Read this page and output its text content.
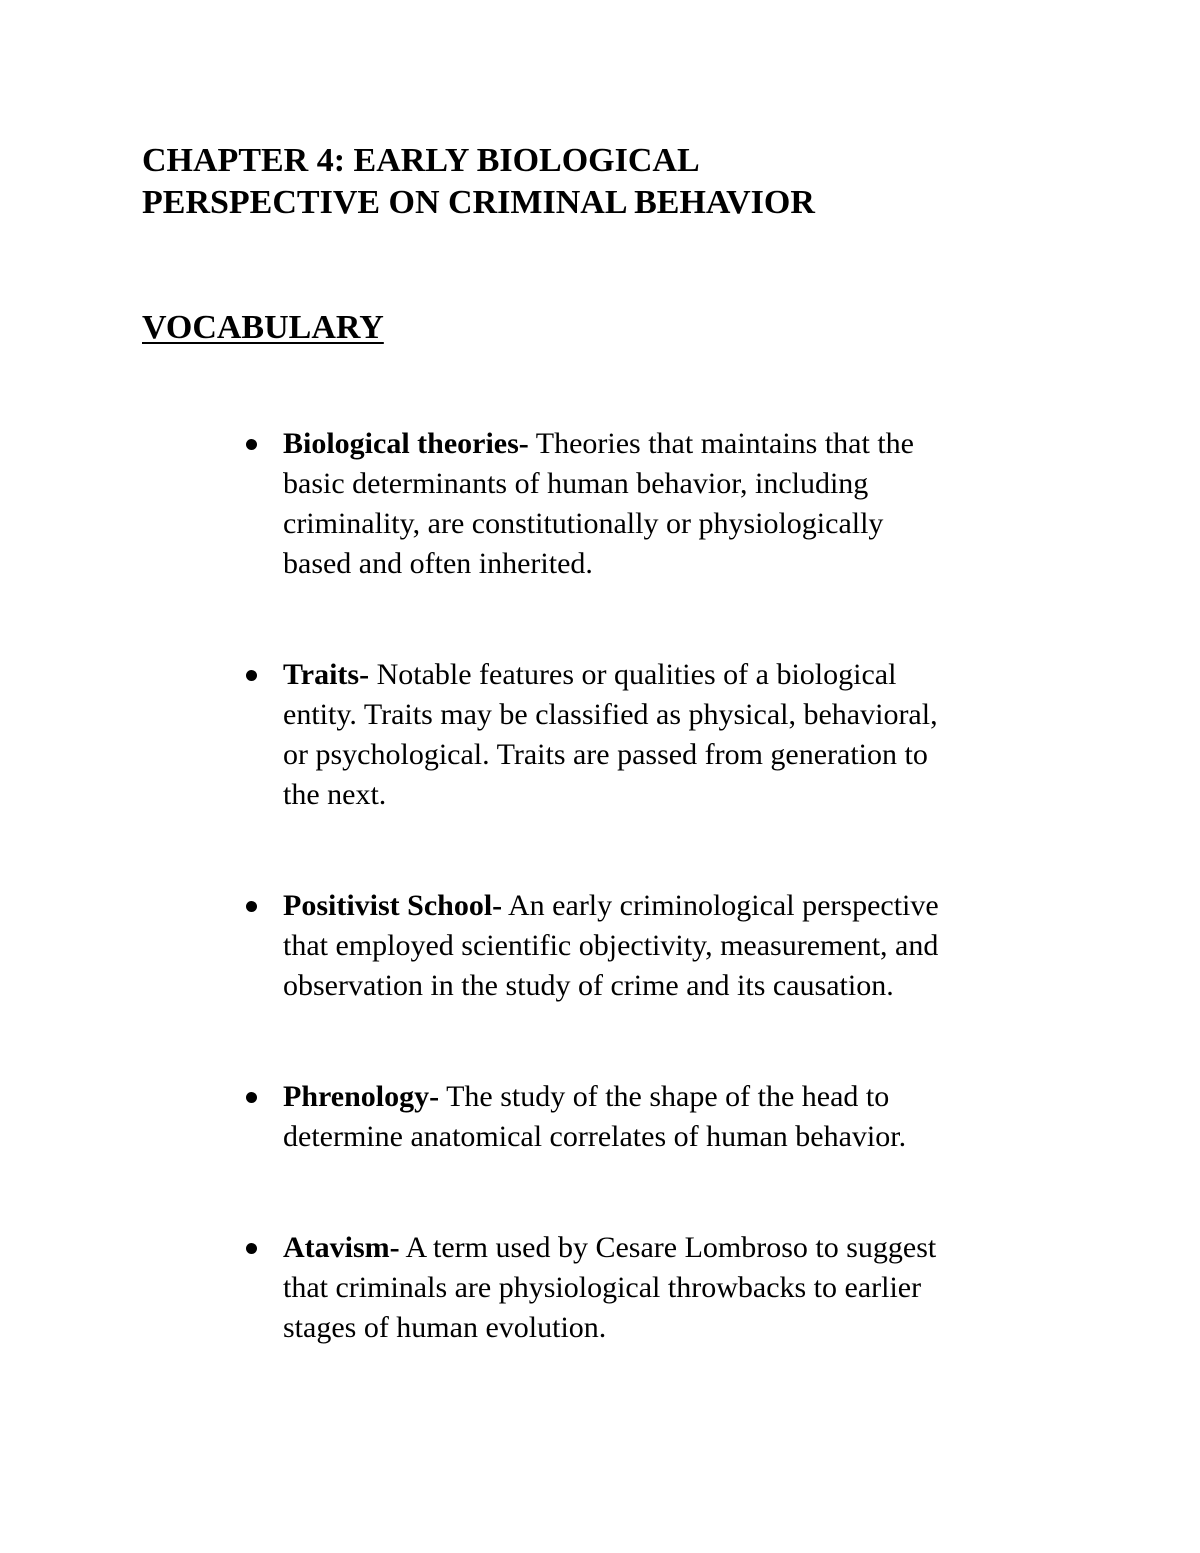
CHAPTER 4: EARLY BIOLOGICAL
PERSPECTIVE ON CRIMINAL BEHAVIOR
VOCABULARY
Biological theories- Theories that maintains that the
basic determinants of human behavior, including
criminality, are constitutionally or physiologically
based and often inherited.
Traits- Notable features or qualities of a biological
entity. Traits may be classified as physical, behavioral,
or psychological. Traits are passed from generation to
the next.
Positivist School- An early criminological perspective
that employed scientific objectivity, measurement, and
observation in the study of crime and its causation.
Phrenology- The study of the shape of the head to
determine anatomical correlates of human behavior.
Atavism- A term used by Cesare Lombroso to suggest
that criminals are physiological throwbacks to earlier
stages of human evolution.
